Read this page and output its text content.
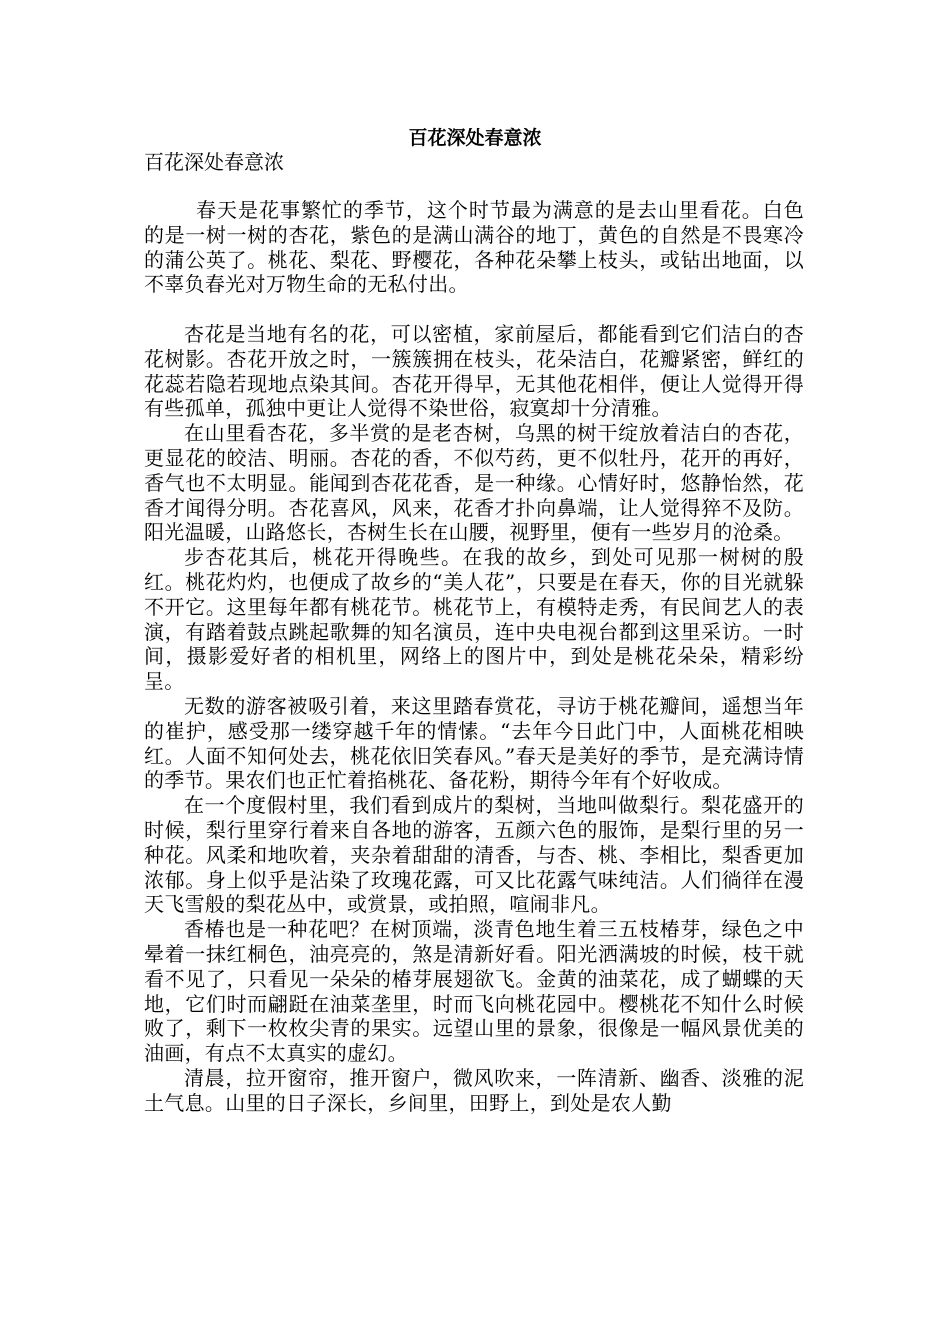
百花深处春意浓
百花深处春意浓

春天是花事繁忙的季节，这个时节最为满意的是去山里看花。白色的是一树一树的杏花，紫色的是满山满谷的地丁，黄色的自然是不畏寒冷的蒲公英了。桃花、梨花、野樱花，各种花朵攀上枝头，或钻出地面，以不辜负春光对万物生命的无私付出。

杏花是当地有名的花，可以密植，家前屋后，都能看到它们洁白的杏花树影。杏花开放之时，一簇簇拥在枝头，花朵洁白，花瓣紧密，鲜红的花蕊若隐若现地点染其间。杏花开得早，无其他花相伴，便让人觉得开得有些孤单，孤独中更让人觉得不染世俗，寂寞却十分清雅。

在山里看杏花，多半赏的是老杏树，乌黑的树干绽放着洁白的杏花，更显花的皎洁、明丽。杏花的香，不似芍药，更不似牡丹，花开的再好，香气也不太明显。能闻到杏花花香，是一种缘。心情好时，悠静怡然，花香才闻得分明。杏花喜风，风来，花香才扑向鼻端，让人觉得猝不及防。阳光温暖，山路悠长，杏树生长在山腰，视野里，便有一些岁月的沧桑。

步杏花其后，桃花开得晚些。在我的故乡，到处可见那一树树的殷红。桃花灼灼，也便成了故乡的“美人花”，只要是在春天，你的目光就躲不开它。这里每年都有桃花节。桃花节上，有模特走秀，有民间艺人的表演，有踏着鼓点跳起歌舞的知名演员，连中央电视台都到这里采访。一时间，摄影爱好者的相机里，网络上的图片中，到处是桃花朵朵，精彩纷呈。

无数的游客被吸引着，来这里踏春赏花，寻访于桃花瓣间，遥想当年的崔护，感受那一缕穿越千年的情愫。“去年今日此门中，人面桃花相映红。人面不知何处去，桃花依旧笑春风。”春天是美好的季节，是充满诗情的季节。果农们也正忙着掐桃花、备花粉，期待今年有个好收成。

在一个度假村里，我们看到成片的梨树，当地叫做梨行。梨花盛开的时候，梨行里穿行着来自各地的游客，五颜六色的服饰，是梨行里的另一种花。风柔和地吹着，夹杂着甜甜的清香，与杏、桃、李相比，梨香更加浓郁。身上似乎是沾染了玫瑰花露，可又比花露气味纯洁。人们徜徉在漫天飞雪般的梨花丛中，或赏景，或拍照，喧闹非凡。

香椿也是一种花吧？在树顶端，淡青色地生着三五枝椿芽，绿色之中晕着一抹红桐色，油亮亮的，煞是清新好看。阳光洒满坡的时候，枝干就看不见了，只看见一朵朵的椿芽展翅欲飞。金黄的油菜花，成了蝴蝶的天地，它们时而翩跹在油菜垄里，时而飞向桃花园中。樱桃花不知什么时候败了，剩下一枚枚尖青的果实。远望山里的景象，很像是一幅风景优美的油画，有点不太真实的虚幻。

清晨，拉开窗帘，推开窗户，微风吹来，一阵清新、幽香、淡雅的泥土气息。山里的日子深长，乡间里，田野上，到处是农人勤
